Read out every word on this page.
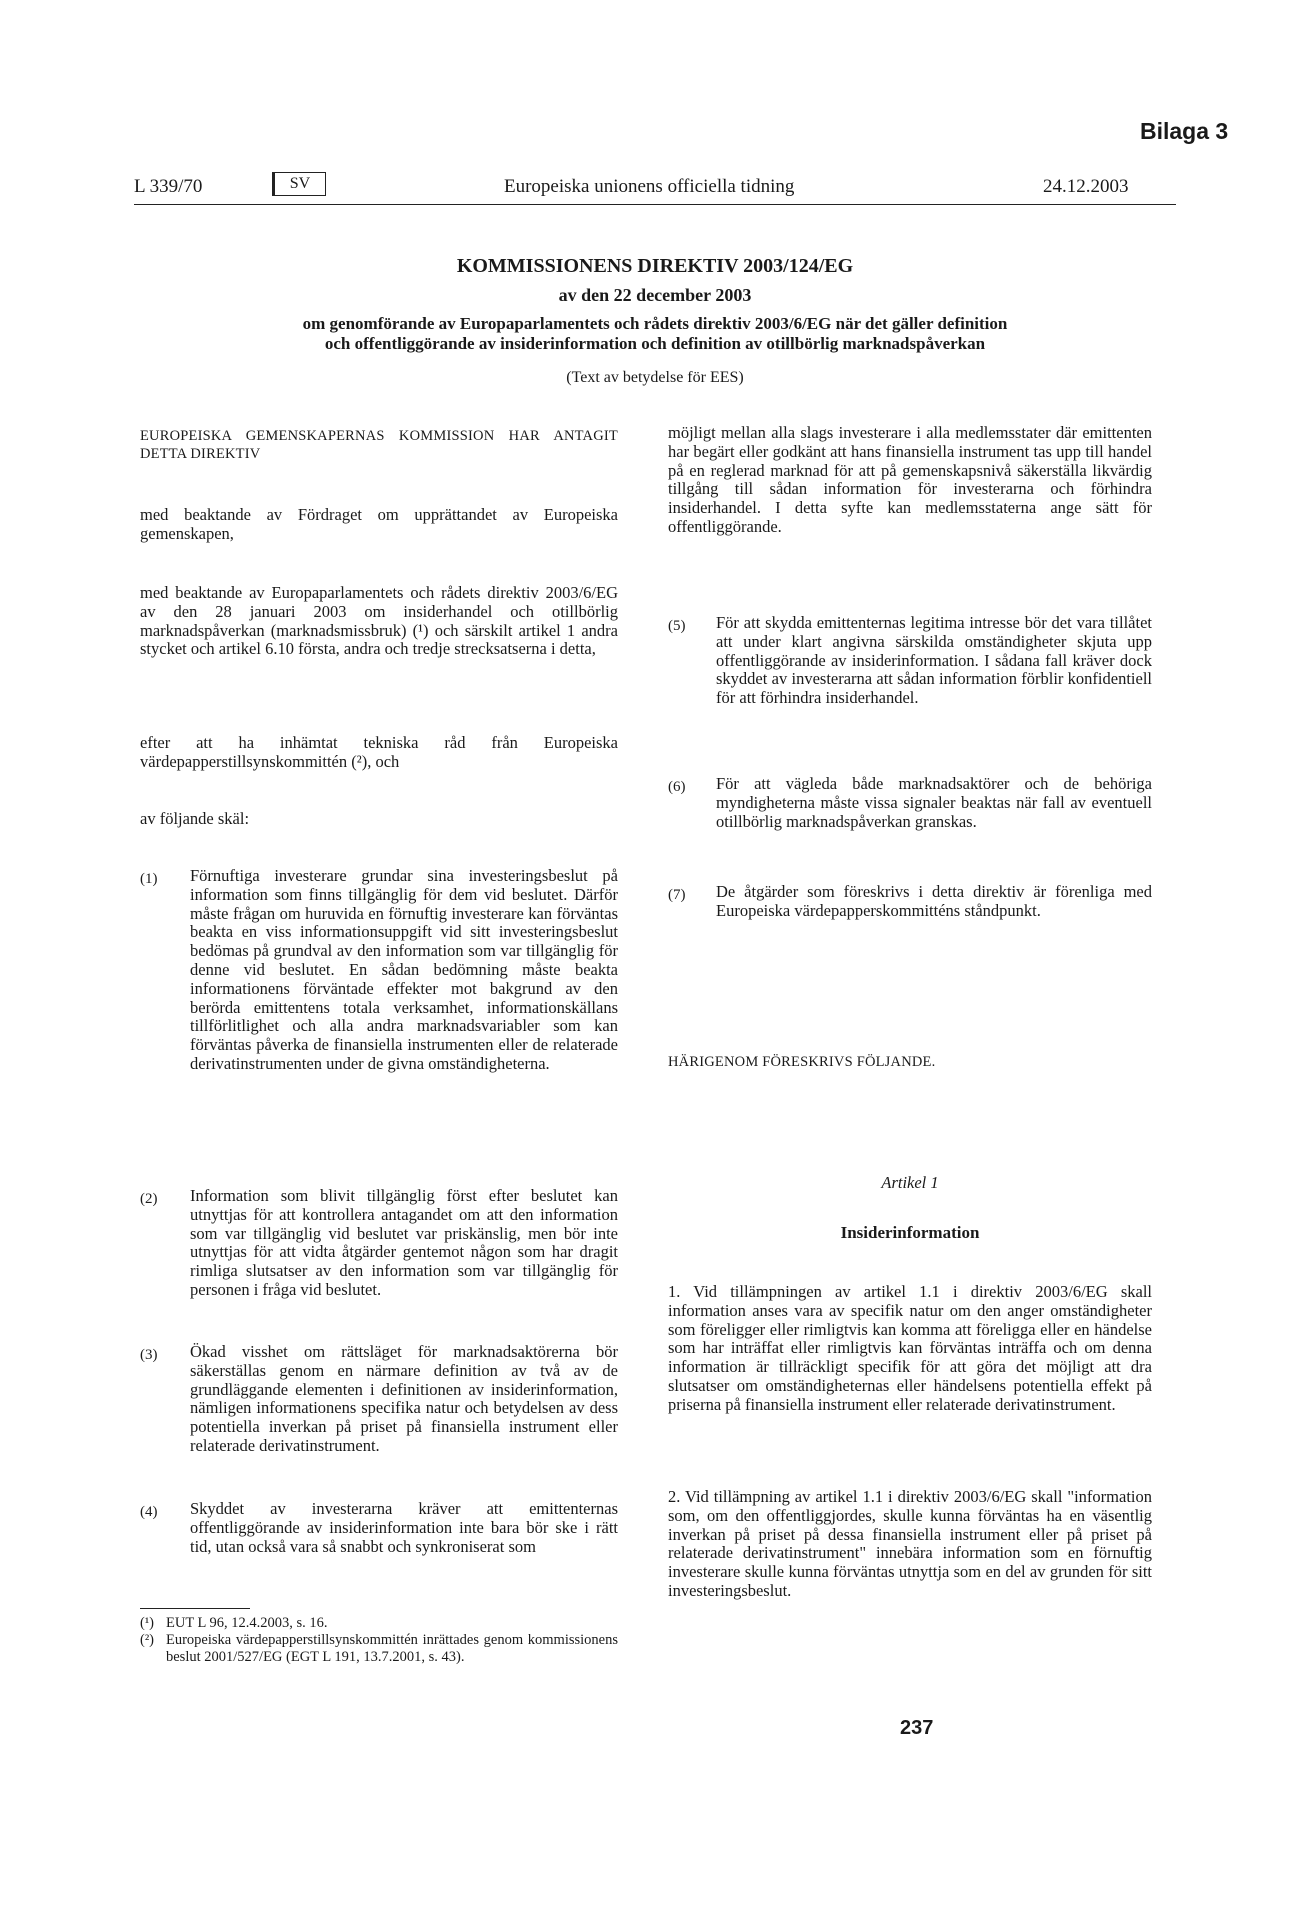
Bilaga 3
L 339/70	SV	Europeiska unionens officiella tidning	24.12.2003
KOMMISSIONENS DIREKTIV 2003/124/EG
av den 22 december 2003
om genomförande av Europaparlamentets och rådets direktiv 2003/6/EG när det gäller definition
och offentliggörande av insiderinformation och definition av otillbörlig marknadspåverkan
(Text av betydelse för EES)
EUROPEISKA GEMENSKAPERNAS KOMMISSION HAR ANTAGIT DETTA DIREKTIV
med beaktande av Fördraget om upprättandet av Europeiska gemenskapen,
med beaktande av Europaparlamentets och rådets direktiv 2003/6/EG av den 28 januari 2003 om insiderhandel och otillbörlig marknadspåverkan (marknadsmissbruk) (¹) och särskilt artikel 1 andra stycket och artikel 6.10 första, andra och tredje strecksatserna i detta,
efter att ha inhämtat tekniska råd från Europeiska värdepapperstillsynskommittén (²), och
av följande skäl:
(1) Förnuftiga investerare grundar sina investeringsbeslut på information som finns tillgänglig för dem vid beslutet. Därför måste frågan om huruvida en förnuftig investerare kan förväntas beakta en viss informationsuppgift vid sitt investeringsbeslut bedömas på grundval av den information som var tillgänglig för denne vid beslutet. En sådan bedömning måste beakta informationens förväntade effekter mot bakgrund av den berörda emittentens totala verksamhet, informationskällans tillförlitlighet och alla andra marknadsvariabler som kan förväntas påverka de finansiella instrumenten eller de relaterade derivatinstrumenten under de givna omständigheterna.
(2) Information som blivit tillgänglig först efter beslutet kan utnyttjas för att kontrollera antagandet om att den information som var tillgänglig vid beslutet var priskänslig, men bör inte utnyttjas för att vidta åtgärder gentemot någon som har dragit rimliga slutsatser av den information som var tillgänglig för personen i fråga vid beslutet.
(3) Ökad visshet om rättsläget för marknadsaktörerna bör säkerställas genom en närmare definition av två av de grundläggande elementen i definitionen av insiderinformation, nämligen informationens specifika natur och betydelsen av dess potentiella inverkan på priset på finansiella instrument eller relaterade derivatinstrument.
(4) Skyddet av investerarna kräver att emittenternas offentliggörande av insiderinformation inte bara bör ske i rätt tid, utan också vara så snabbt och synkroniserat som
(¹) EUT L 96, 12.4.2003, s. 16.
(²) Europeiska värdepapperstillsynskommittén inrättades genom kommissionens beslut 2001/527/EG (EGT L 191, 13.7.2001, s. 43).
möjligt mellan alla slags investerare i alla medlemsstater där emittenten har begärt eller godkänt att hans finansiella instrument tas upp till handel på en reglerad marknad för att på gemenskapsnivå säkerställa likvärdig tillgång till sådan information för investerarna och förhindra insiderhandel. I detta syfte kan medlemsstaterna ange sätt för offentliggörande.
(5) För att skydda emittenternas legitima intresse bör det vara tillåtet att under klart angivna särskilda omständigheter skjuta upp offentliggörande av insiderinformation. I sådana fall kräver dock skyddet av investerarna att sådan information förblir konfidentiell för att förhindra insiderhandel.
(6) För att vägleda både marknadsaktörer och de behöriga myndigheterna måste vissa signaler beaktas när fall av eventuell otillbörlig marknadspåverkan granskas.
(7) De åtgärder som föreskrivs i detta direktiv är förenliga med Europeiska värdepapperskommitténs ståndpunkt.
HÄRIGENOM FÖRESKRIVS FÖLJANDE.
Artikel 1
Insiderinformation
1. Vid tillämpningen av artikel 1.1 i direktiv 2003/6/EG skall information anses vara av specifik natur om den anger omständigheter som föreligger eller rimligtvis kan komma att föreligga eller en händelse som har inträffat eller rimligtvis kan förväntas inträffa och om denna information är tillräckligt specifik för att göra det möjligt att dra slutsatser om omständigheternas eller händelsens potentiella effekt på priserna på finansiella instrument eller relaterade derivatinstrument.
2. Vid tillämpning av artikel 1.1 i direktiv 2003/6/EG skall "information som, om den offentliggjordes, skulle kunna förväntas ha en väsentlig inverkan på priset på dessa finansiella instrument eller på priset på relaterade derivatinstrument" innebära information som en förnuftig investerare skulle kunna förväntas utnyttja som en del av grunden för sitt investeringsbeslut.
237
